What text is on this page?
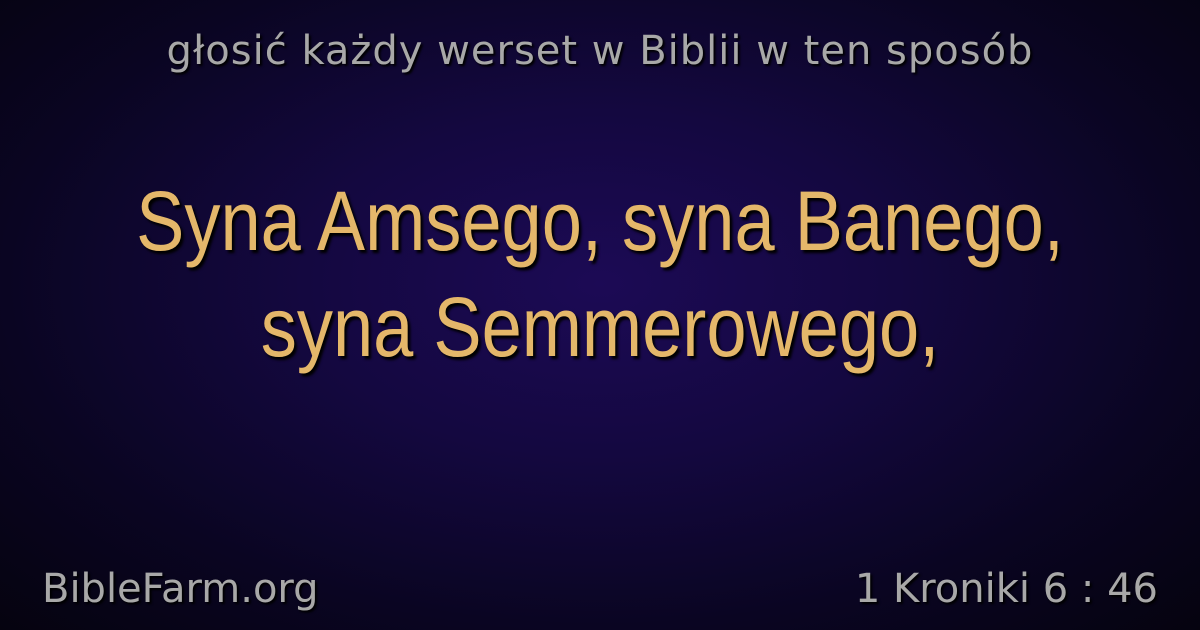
głosić każdy werset w Biblii w ten sposób
Syna Amsego, syna Banego,
syna Semmerowego,
BibleFarm.org	1 Kroniki 6 : 46
